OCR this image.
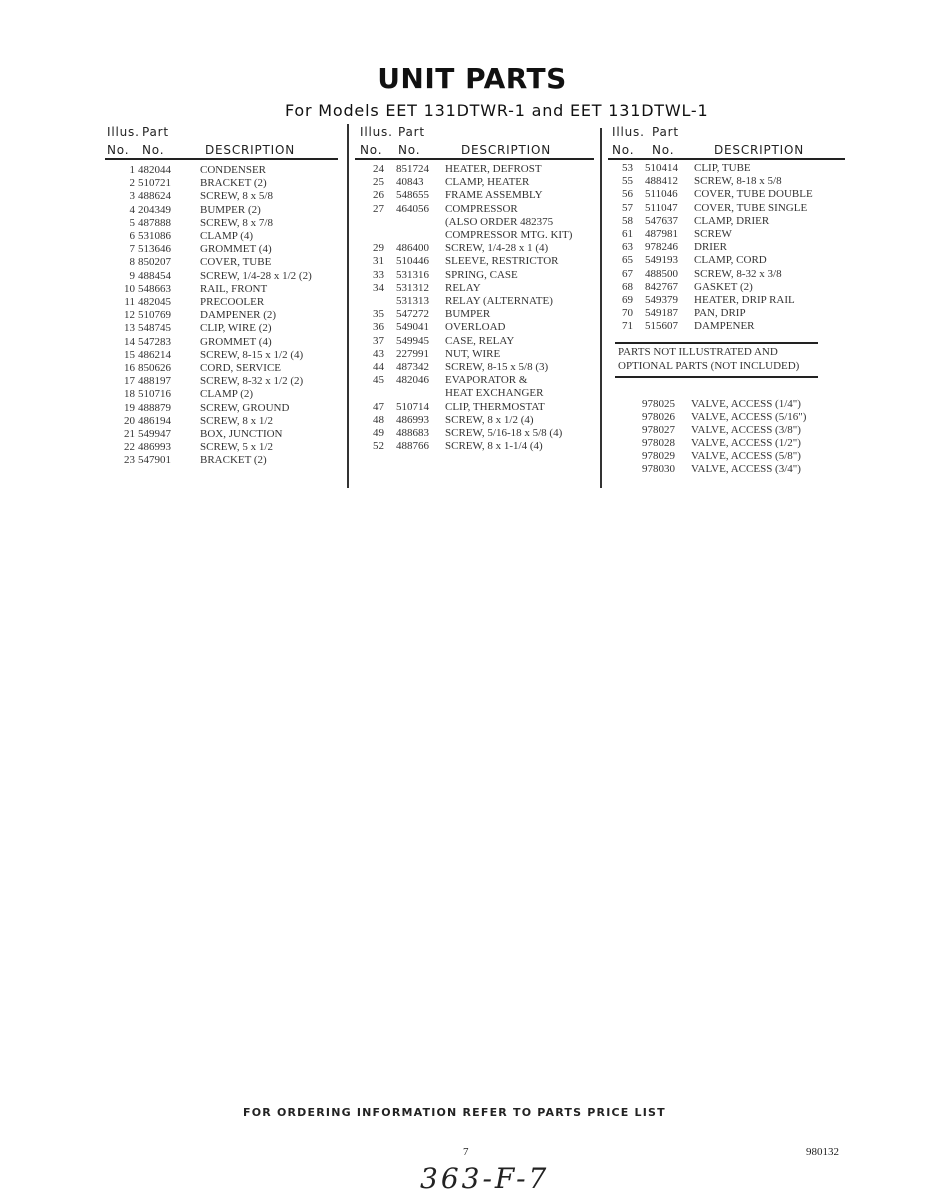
UNIT PARTS
For Models EET 131DTWR-1 and EET 131DTWL-1
Illus. Part
No. No.	DESCRIPTION
Illus. Part
No. No.	DESCRIPTION
Illus. Part
No. No.	DESCRIPTION
1 482044	CONDENSER
2 510721	BRACKET (2)
3 488624	SCREW, 8 x 5/8
4 204349	BUMPER (2)
5 487888	SCREW, 8 x 7/8
6 531086	CLAMP (4)
7 513646	GROMMET (4)
8 850207	COVER, TUBE
9 488454	SCREW, 1/4-28 x 1/2 (2)
10 548663	RAIL, FRONT
11 482045	PRECOOLER
12 510769	DAMPENER (2)
13 548745	CLIP, WIRE (2)
14 547283	GROMMET (4)
15 486214	SCREW, 8-15 x 1/2 (4)
16 850626	CORD, SERVICE
17 488197	SCREW, 8-32 x 1/2 (2)
18 510716	CLAMP (2)
19 488879	SCREW, GROUND
20 486194	SCREW, 8 x 1/2
21 549947	BOX, JUNCTION
22 486993	SCREW, 5 x 1/2
23 547901	BRACKET (2)
24 851724 HEATER, DEFROST
25 40843 CLAMP, HEATER
26 548655 FRAME ASSEMBLY
27 464056 COMPRESSOR
(ALSO ORDER 482375
COMPRESSOR MTG. KIT)
29 486400 SCREW, 1/4-28 x 1 (4)
31 510446 SLEEVE, RESTRICTOR
33 531316 SPRING, CASE
34 531312 RELAY
531313 RELAY (ALTERNATE)
35 547272 BUMPER
36 549041 OVERLOAD
37 549945 CASE, RELAY
43 227991 NUT, WIRE
44 487342 SCREW, 8-15 x 5/8 (3)
45 482046 EVAPORATOR &
HEAT EXCHANGER
47 510714 CLIP, THERMOSTAT
48 486993 SCREW, 8 x 1/2 (4)
49 488683 SCREW, 5/16-18 x 5/8 (4)
52 488766 SCREW, 8 x 1-1/4 (4)
53 510414 CLIP, TUBE
55 488412 SCREW, 8-18 x 5/8
56 511046 COVER, TUBE DOUBLE
57 511047 COVER, TUBE SINGLE
58 547637 CLAMP, DRIER
61 487981 SCREW
63 978246 DRIER
65 549193 CLAMP, CORD
67 488500 SCREW, 8-32 x 3/8
68 842767 GASKET (2)
69 549379 HEATER, DRIP RAIL
70 549187 PAN, DRIP
71 515607 DAMPENER
PARTS NOT ILLUSTRATED AND
OPTIONAL PARTS (NOT INCLUDED)
978025 VALVE, ACCESS (1/4")
978026 VALVE, ACCESS (5/16")
978027 VALVE, ACCESS (3/8")
978028 VALVE, ACCESS (1/2")
978029 VALVE, ACCESS (5/8")
978030 VALVE, ACCESS (3/4")
FOR ORDERING INFORMATION REFER TO PARTS PRICE LIST
7	980132
363-F-7
